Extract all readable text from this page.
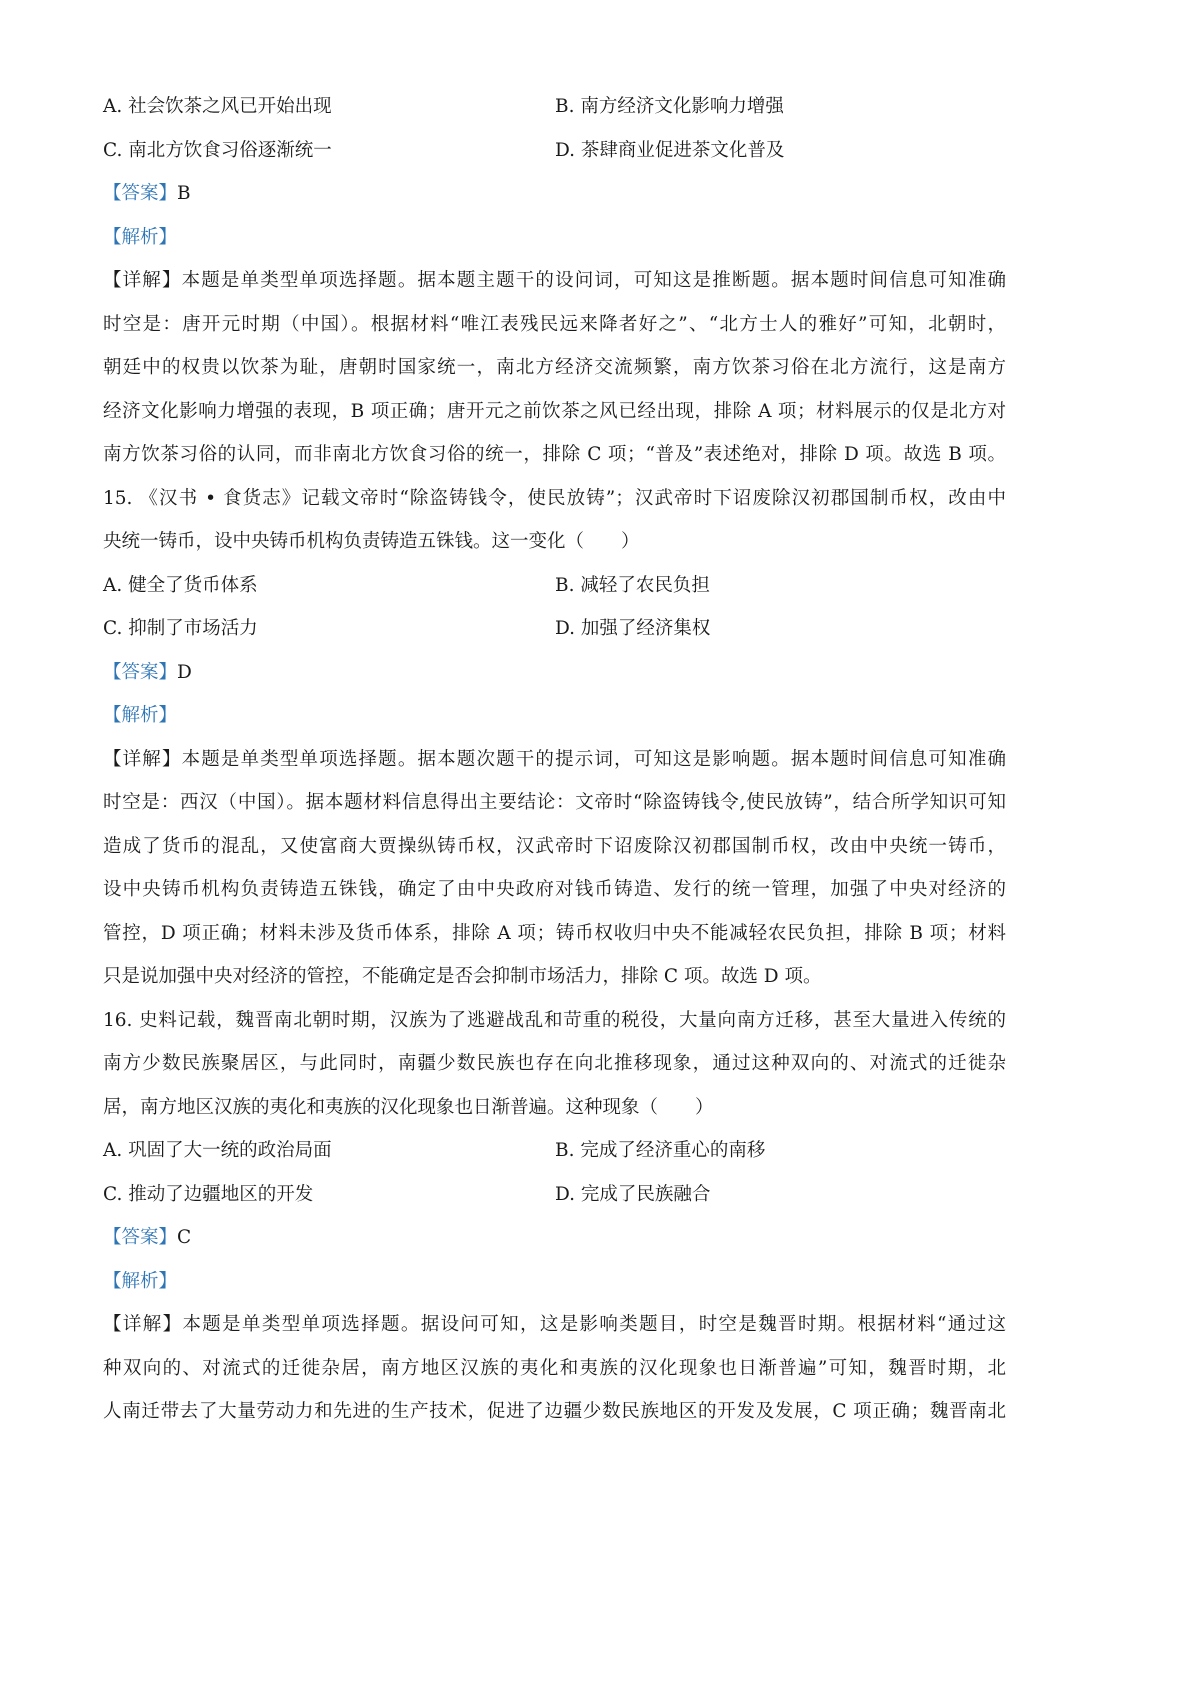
A. 社会饮茶之风已开始出现	B. 南方经济文化影响力增强
C. 南北方饮食习俗逐渐统一	D. 茶肆商业促进茶文化普及
【答案】B
【解析】
【详解】本题是单类型单项选择题。据本题主题干的设问词，可知这是推断题。据本题时间信息可知准确
时空是：唐开元时期（中国）。根据材料“唯江表残民远来降者好之”、“北方士人的雅好”可知，北朝时，
朝廷中的权贵以饮茶为耻，唐朝时国家统一，南北方经济交流频繁，南方饮茶习俗在北方流行，这是南方
经济文化影响力增强的表现，B 项正确；唐开元之前饮茶之风已经出现，排除 A 项；材料展示的仅是北方对
南方饮茶习俗的认同，而非南北方饮食习俗的统一，排除 C 项；“普及”表述绝对，排除 D 项。故选 B 项。
15. 《汉书 • 食货志》记载文帝时“除盗铸钱令，使民放铸”；汉武帝时下诏废除汉初郡国制币权，改由中
央统一铸币，设中央铸币机构负责铸造五铢钱。这一变化（　　）
A. 健全了货币体系	B. 减轻了农民负担
C. 抑制了市场活力	D. 加强了经济集权
【答案】D
【解析】
【详解】本题是单类型单项选择题。据本题次题干的提示词，可知这是影响题。据本题时间信息可知准确
时空是：西汉（中国）。据本题材料信息得出主要结论：文帝时“除盗铸钱令,使民放铸”，结合所学知识可知
造成了货币的混乱，又使富商大贾操纵铸币权，汉武帝时下诏废除汉初郡国制币权，改由中央统一铸币，
设中央铸币机构负责铸造五铢钱，确定了由中央政府对钱币铸造、发行的统一管理，加强了中央对经济的
管控，D 项正确；材料未涉及货币体系，排除 A 项；铸币权收归中央不能减轻农民负担，排除 B 项；材料
只是说加强中央对经济的管控，不能确定是否会抑制市场活力，排除 C 项。故选 D 项。
16. 史料记载，魏晋南北朝时期，汉族为了逃避战乱和苛重的税役，大量向南方迁移，甚至大量进入传统的
南方少数民族聚居区，与此同时，南疆少数民族也存在向北推移现象，通过这种双向的、对流式的迁徙杂
居，南方地区汉族的夷化和夷族的汉化现象也日渐普遍。这种现象（　　）
A. 巩固了大一统的政治局面	B. 完成了经济重心的南移
C. 推动了边疆地区的开发	D. 完成了民族融合
【答案】C
【解析】
【详解】本题是单类型单项选择题。据设问可知，这是影响类题目，时空是魏晋时期。根据材料“通过这
种双向的、对流式的迁徙杂居，南方地区汉族的夷化和夷族的汉化现象也日渐普遍”可知，魏晋时期，北
人南迁带去了大量劳动力和先进的生产技术，促进了边疆少数民族地区的开发及发展，C 项正确；魏晋南北
